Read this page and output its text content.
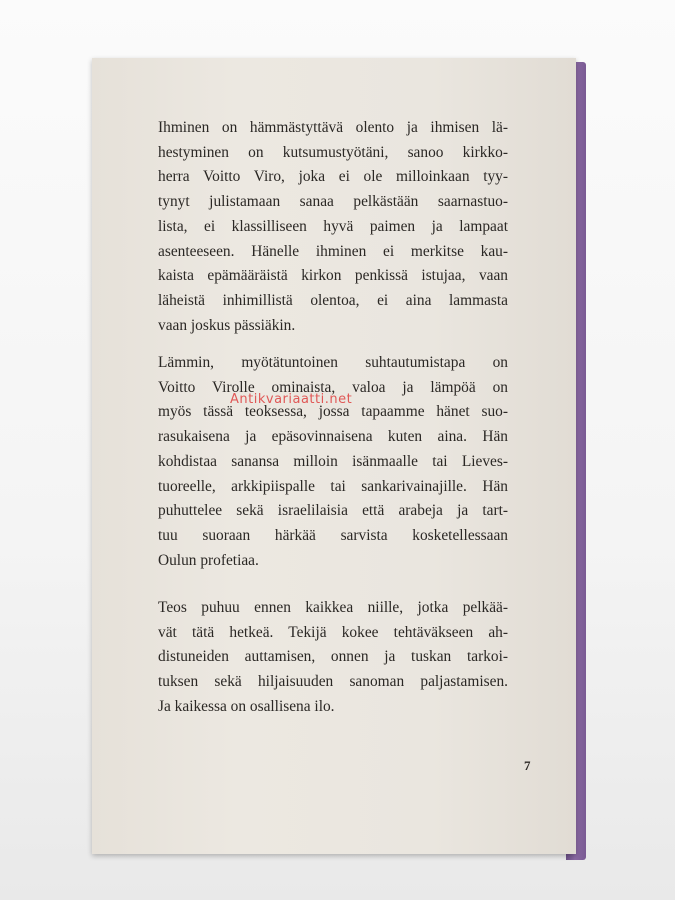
Ihminen on hämmästyttävä olento ja ihmisen lä-
hestyminen on kutsumustyötäni, sanoo kirkko-
herra Voitto Viro, joka ei ole milloinkaan tyy-
tynyt julistamaan sanaa pelkästään saarnastuo-
lista, ei klassilliseen hyvä paimen ja lampaat
asenteeseen. Hänelle ihminen ei merkitse kau-
kaista epämääräistä kirkon penkissä istujaa, vaan
läheistä inhimillistä olentoa, ei aina lammasta
vaan joskus pässiäkin.

Lämmin, myötätuntoinen suhtautumistapa on
Voitto Virolle ominaista, valoa ja lämpöä on
myös tässä teoksessa, jossa tapaamme hänet suo-
rasukaisena ja epäsovinnaisena kuten aina. Hän
kohdistaa sanansa milloin isänmaalle tai Lieves-
tuoreelle, arkkipiispalle tai sankarivainajille. Hän
puhuttelee sekä israelilaisia että arabeja ja tart-
tuu suoraan härkää sarvista kosketellessaan
Oulun profetiaa.

Teos puhuu ennen kaikkea niille, jotka pelkää-
vät tätä hetkeä. Tekijä kokee tehtäväkseen ah-
distuneiden auttamisen, onnen ja tuskan tarkoi-
tuksen sekä hiljaisuuden sanoman paljastamisen.
Ja kaikessa on osallisena ilo.

7
Antikvariaatti.net
